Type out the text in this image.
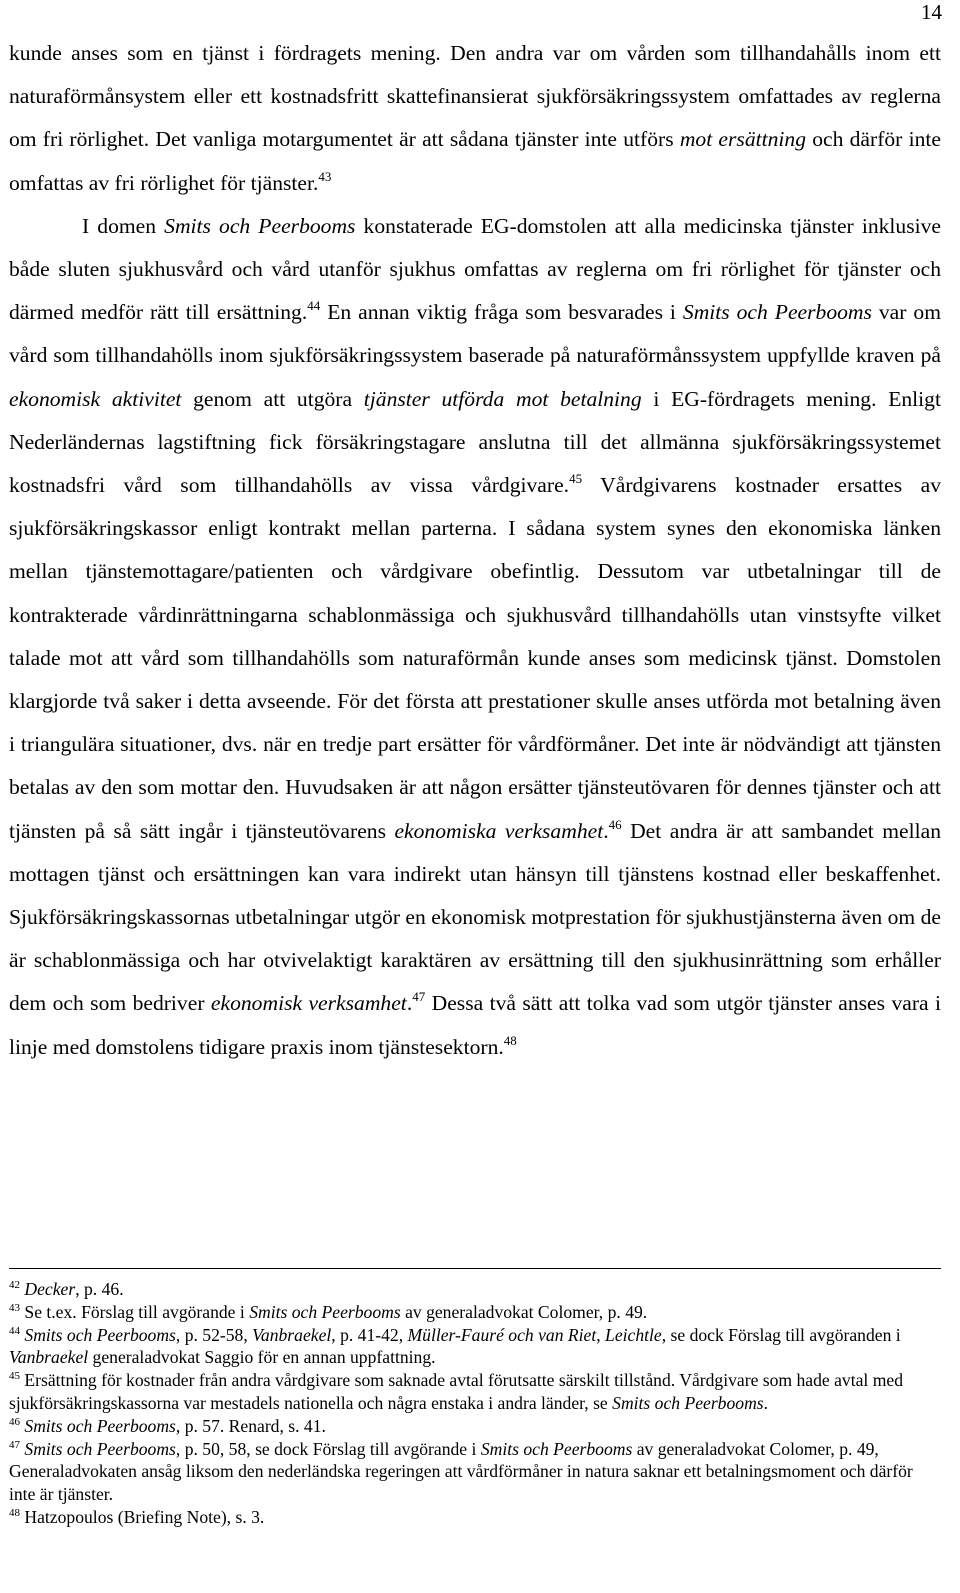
14

kunde anses som en tjänst i fördragets mening. Den andra var om vården som tillhandahålls inom ett naturaförmånsystem eller ett kostnadsfritt skattefinansierat sjukförsäkringssystem omfattades av reglerna om fri rörlighet. Det vanliga motargumentet är att sådana tjänster inte utförs mot ersättning och därför inte omfattas av fri rörlighet för tjänster.$^{43}$

I domen Smits och Peerbooms konstaterade EG-domstolen att alla medicinska tjänster inklusive både sluten sjukhusvård och vård utanför sjukhus omfattas av reglerna om fri rörlighet för tjänster och därmed medför rätt till ersättning.$^{44}$ En annan viktig fråga som besvarades i Smits och Peerbooms var om vård som tillhandahölls inom sjukförsäkringssystem baserade på naturaförmånssystem uppfyllde kraven på ekonomisk aktivitet genom att utgöra tjänster utförda mot betalning i EG-fördragets mening. Enligt Nederländernas lagstiftning fick försäkringstagare anslutna till det allmänna sjukförsäkringssystemet kostnadsfri vård som tillhandahölls av vissa vårdgivare.$^{45}$ Vårdgivarens kostnader ersattes av sjukförsäkringskassor enligt kontrakt mellan parterna. I sådana system synes den ekonomiska länken mellan tjänstemottagare/patienten och vårdgivare obefintlig. Dessutom var utbetalningar till de kontrakterade vårdinrättningarna schablonmässiga och sjukhusvård tillhandahölls utan vinstsyfte vilket talade mot att vård som tillhandahölls som naturaförmån kunde anses som medicinsk tjänst. Domstolen klargjorde två saker i detta avseende. För det första att prestationer skulle anses utförda mot betalning även i triangulära situationer, dvs. när en tredje part ersätter för vårdförmåner. Det inte är nödvändigt att tjänsten betalas av den som mottar den. Huvudsaken är att någon ersätter tjänsteutövaren för dennes tjänster och att tjänsten på så sätt ingår i tjänsteutövarens ekonomiska verksamhet.$^{46}$ Det andra är att sambandet mellan mottagen tjänst och ersättningen kan vara indirekt utan hänsyn till tjänstens kostnad eller beskaffenhet. Sjukförsäkringskassornas utbetalningar utgör en ekonomisk motprestation för sjukhustjänsterna även om de är schablonmässiga och har otvivelaktigt karaktären av ersättning till den sjukhusinrättning som erhåller dem och som bedriver ekonomisk verksamhet.$^{47}$ Dessa två sätt att tolka vad som utgör tjänster anses vara i linje med domstolens tidigare praxis inom tjänstesektorn.$^{48}$

$^{42}$ Decker, p. 46.

$^{43}$ Se t.ex. Förslag till avgörande i Smits och Peerbooms av generaladvokat Colomer, p. 49.

$^{44}$ Smits och Peerbooms, p. 52-58, Vanbraekel, p. 41-42, Müller-Fauré och van Riet, Leichtle, se dock Förslag till avgöranden i Vanbraekel generaladvokat Saggio för en annan uppfattning.

$^{45}$ Ersättning för kostnader från andra vårdgivare som saknade avtal förutsatte särskilt tillstånd. Vårdgivare som hade avtal med sjukförsäkringskassorna var mestadels nationella och några enstaka i andra länder, se Smits och Peerbooms.

$^{46}$ Smits och Peerbooms, p. 57. Renard, s. 41.

$^{47}$ Smits och Peerbooms, p. 50, 58, se dock Förslag till avgörande i Smits och Peerbooms av generaladvokat Colomer, p. 49, Generaladvokaten ansåg liksom den nederländska regeringen att vårdförmåner in natura saknar ett betalningsmoment och därför inte är tjänster.

$^{48}$ Hatzopoulos (Briefing Note), s. 3.
